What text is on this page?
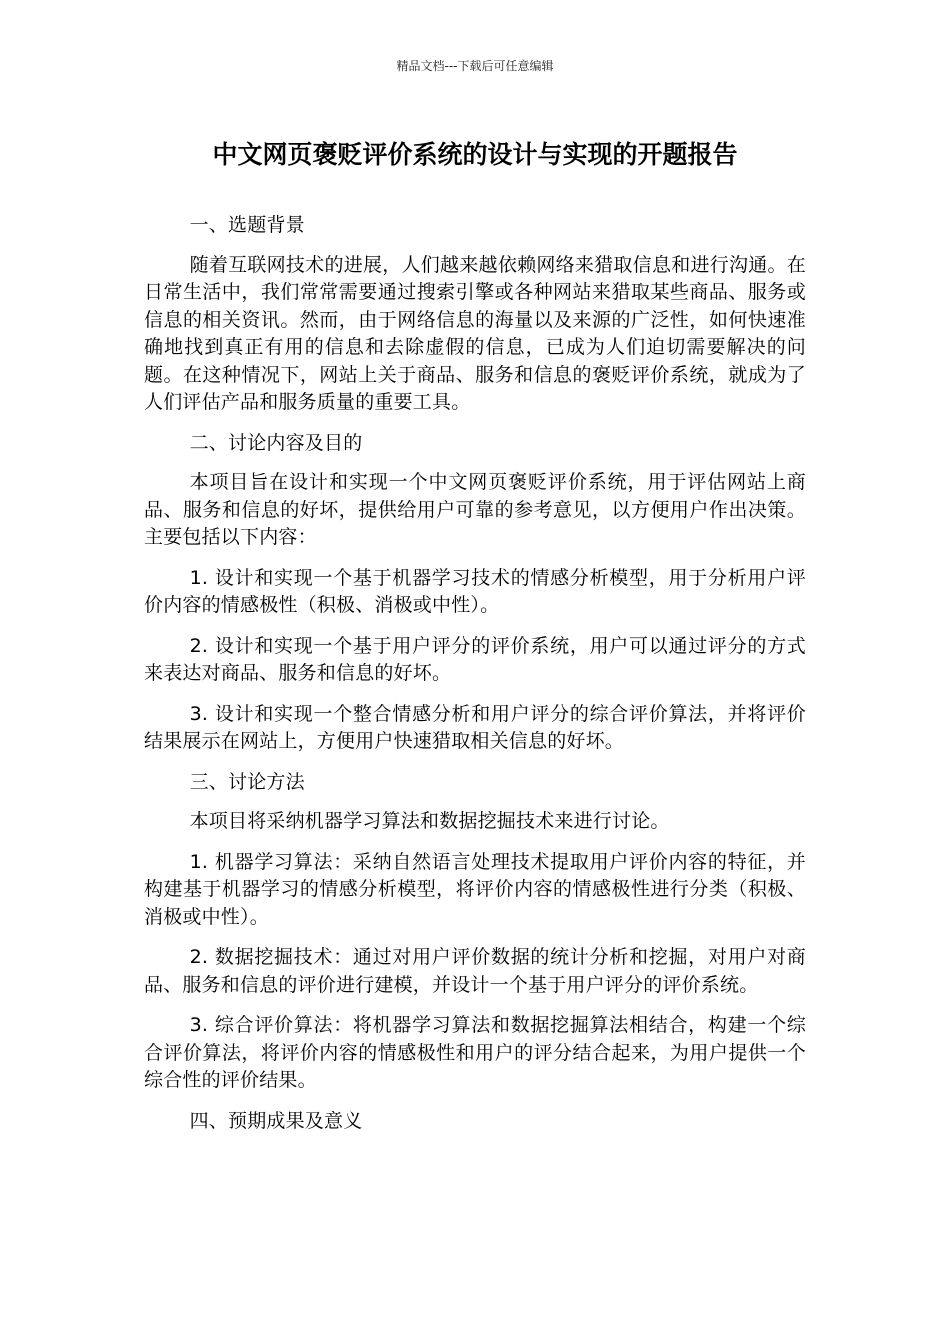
精品文档---下载后可任意编辑
中文网页褒贬评价系统的设计与实现的开题报告

一、选题背景

随着互联网技术的进展，人们越来越依赖网络来猎取信息和进行沟通。在日常生活中，我们常常需要通过搜索引擎或各种网站来猎取某些商品、服务或信息的相关资讯。然而，由于网络信息的海量以及来源的广泛性，如何快速准确地找到真正有用的信息和去除虚假的信息，已成为人们迫切需要解决的问题。在这种情况下，网站上关于商品、服务和信息的褒贬评价系统，就成为了人们评估产品和服务质量的重要工具。

二、讨论内容及目的

本项目旨在设计和实现一个中文网页褒贬评价系统，用于评估网站上商品、服务和信息的好坏，提供给用户可靠的参考意见，以方便用户作出决策。主要包括以下内容：

1. 设计和实现一个基于机器学习技术的情感分析模型，用于分析用户评价内容的情感极性（积极、消极或中性）。

2. 设计和实现一个基于用户评分的评价系统，用户可以通过评分的方式来表达对商品、服务和信息的好坏。

3. 设计和实现一个整合情感分析和用户评分的综合评价算法，并将评价结果展示在网站上，方便用户快速猎取相关信息的好坏。

三、讨论方法

本项目将采纳机器学习算法和数据挖掘技术来进行讨论。

1. 机器学习算法：采纳自然语言处理技术提取用户评价内容的特征，并构建基于机器学习的情感分析模型，将评价内容的情感极性进行分类（积极、消极或中性）。

2. 数据挖掘技术：通过对用户评价数据的统计分析和挖掘，对用户对商品、服务和信息的评价进行建模，并设计一个基于用户评分的评价系统。

3. 综合评价算法：将机器学习算法和数据挖掘算法相结合，构建一个综合评价算法，将评价内容的情感极性和用户的评分结合起来，为用户提供一个综合性的评价结果。

四、预期成果及意义
